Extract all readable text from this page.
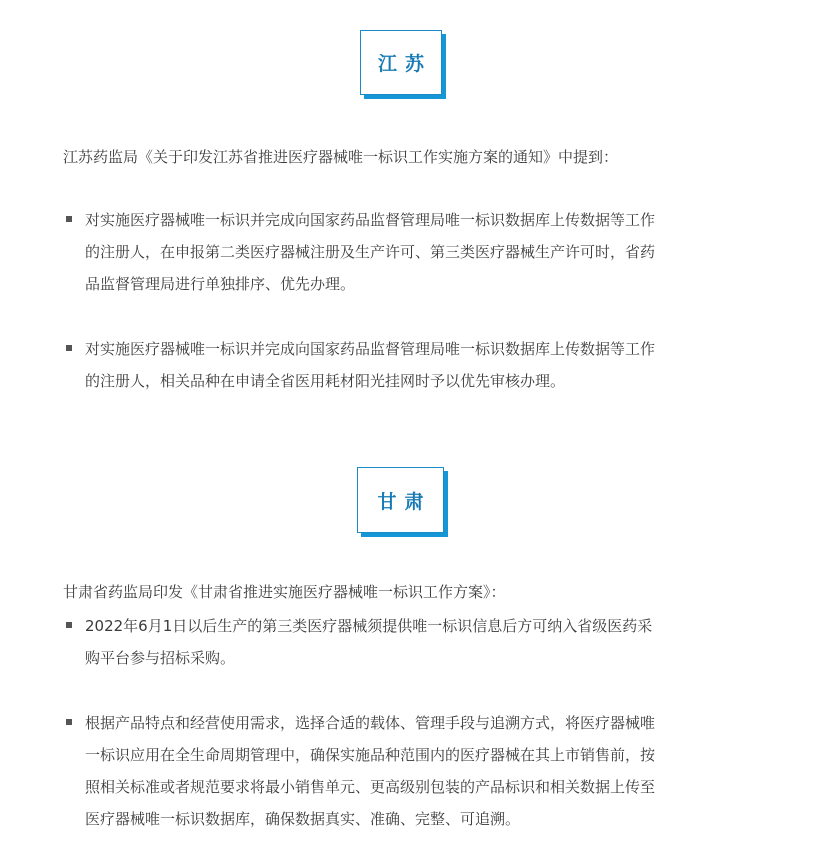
江苏
江苏药监局《关于印发江苏省推进医疗器械唯一标识工作实施方案的通知》中提到：
对实施医疗器械唯一标识并完成向国家药品监督管理局唯一标识数据库上传数据等工作
的注册人，在申报第二类医疗器械注册及生产许可、第三类医疗器械生产许可时，省药
品监督管理局进行单独排序、优先办理。
对实施医疗器械唯一标识并完成向国家药品监督管理局唯一标识数据库上传数据等工作
的注册人，相关品种在申请全省医用耗材阳光挂网时予以优先审核办理。
甘肃
甘肃省药监局印发《甘肃省推进实施医疗器械唯一标识工作方案》：
2022年6月1日以后生产的第三类医疗器械须提供唯一标识信息后方可纳入省级医药采
购平台参与招标采购。
根据产品特点和经营使用需求，选择合适的载体、管理手段与追溯方式，将医疗器械唯
一标识应用在全生命周期管理中，确保实施品种范围内的医疗器械在其上市销售前，按
照相关标准或者规范要求将最小销售单元、更高级别包装的产品标识和相关数据上传至
医疗器械唯一标识数据库，确保数据真实、准确、完整、可追溯。
